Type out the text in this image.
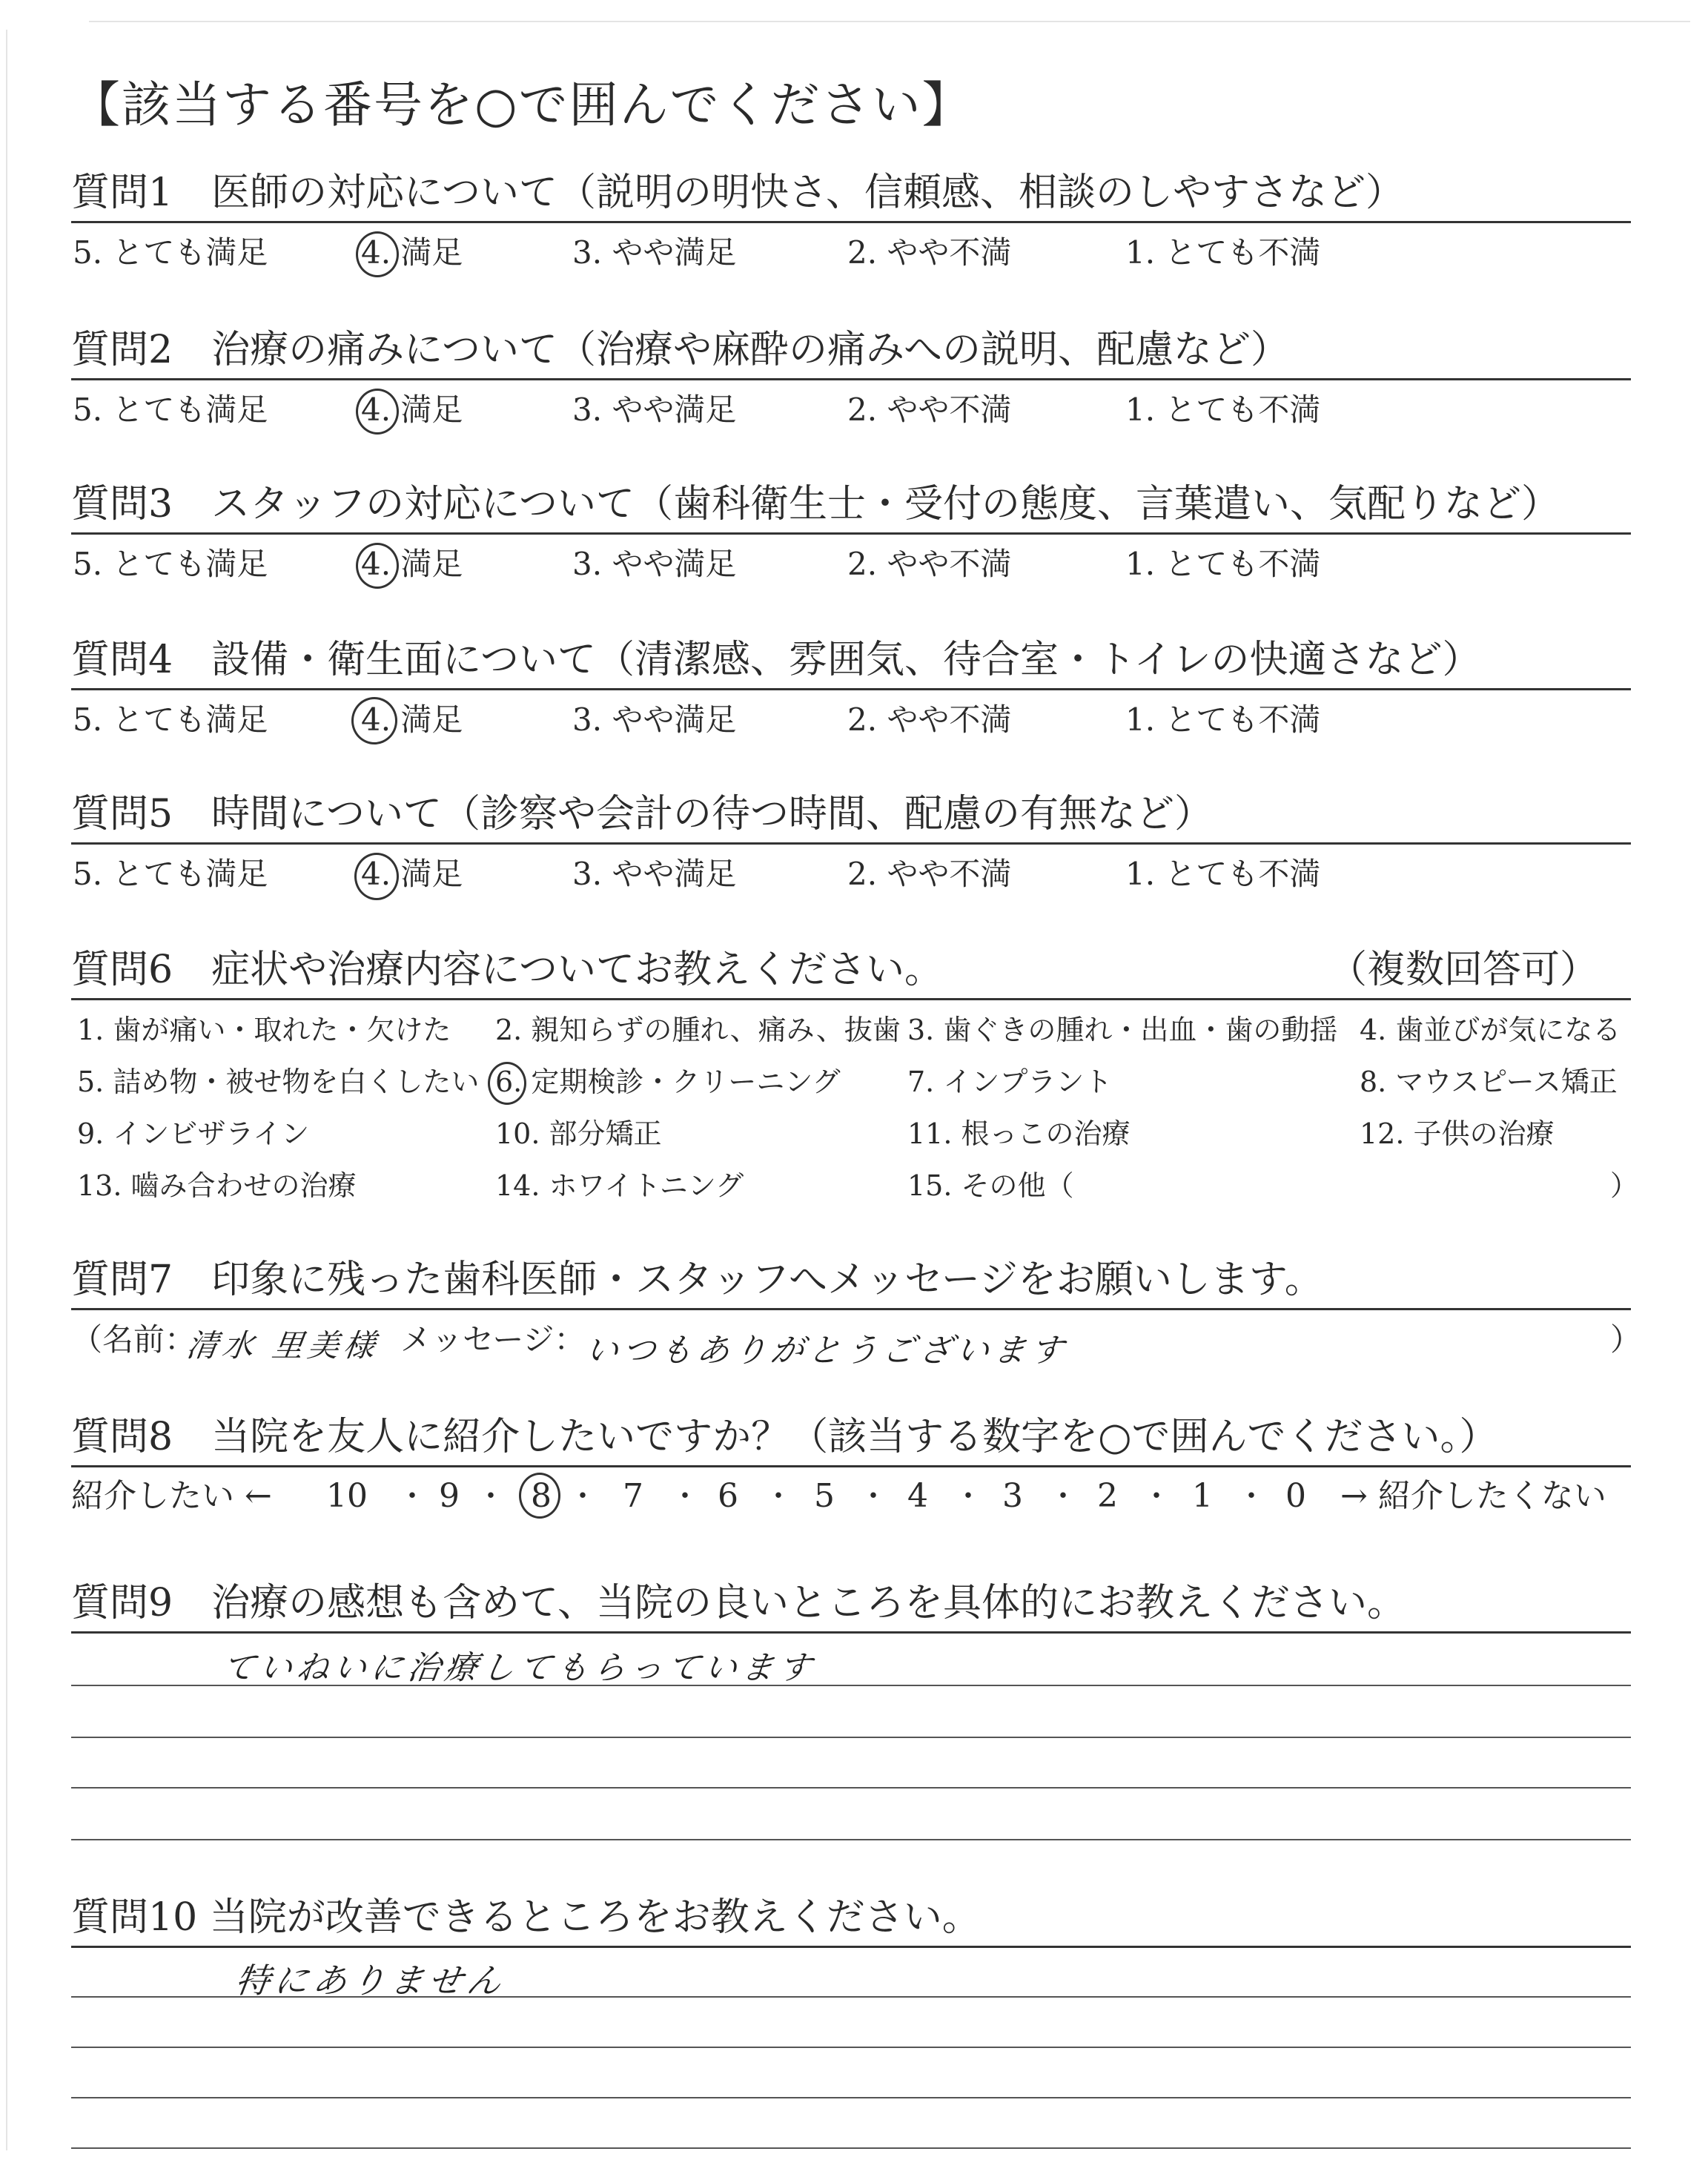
【該当する番号を○で囲んでください】
質問1　医師の対応について（説明の明快さ、信頼感、相談のしやすさなど）
5. とても満足	4. 満足	3. やや満足	2. やや不満	1. とても不満
質問2　治療の痛みについて（治療や麻酔の痛みへの説明、配慮など）
5. とても満足	4. 満足	3. やや満足	2. やや不満	1. とても不満
質問3　スタッフの対応について（歯科衛生士・受付の態度、言葉遣い、気配りなど）
5. とても満足	4. 満足	3. やや満足	2. やや不満	1. とても不満
質問4　設備・衛生面について（清潔感、雰囲気、待合室・トイレの快適さなど）
5. とても満足	4. 満足	3. やや満足	2. やや不満	1. とても不満
質問5　時間について（診察や会計の待つ時間、配慮の有無など）
5. とても満足	4. 満足	3. やや満足	2. やや不満	1. とても不満
質問6　症状や治療内容についてお教えください。	（複数回答可）
1. 歯が痛い・取れた・欠けた 2. 親知らずの腫れ、痛み、抜歯 3. 歯ぐきの腫れ・出血・歯の動揺 4. 歯並びが気になる
5. 詰め物・被せ物を白くしたい 6. 定期検診・クリーニング 7. インプラント	8. マウスピース矯正
9. インビザライン	10. 部分矯正	11. 根っこの治療	12. 子供の治療
13. 嚙み合わせの治療	14. ホワイトニング	15. その他（	）
質問7　印象に残った歯科医師・スタッフへメッセージをお願いします。
（名前：
清水 里美様 メッセージ：
いつもありがとうございます	）
質問8　当院を友人に紹介したいですか？（該当する数字を○で囲んでください。）
紹介したい ← 10 ・ 9 ・ 8 ・ 7 ・ 6 ・ 5 ・ 4 ・ 3 ・ 2 ・ 1 ・ 0 → 紹介したくない
質問9　治療の感想も含めて、当院の良いところを具体的にお教えください。
ていねいに治療してもらっています
質問10 当院が改善できるところをお教えください。
特にありません
